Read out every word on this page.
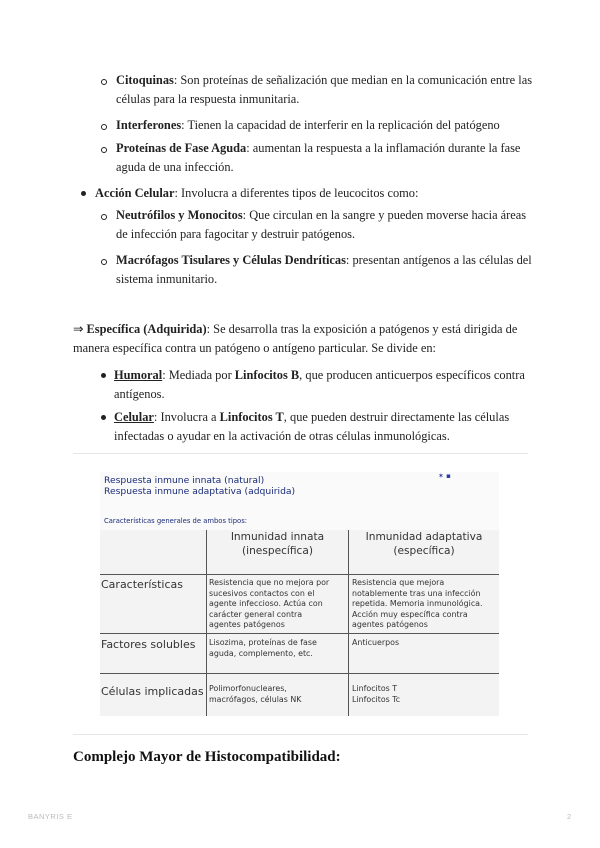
Citoquinas: Son proteínas de señalización que median en la comunicación entre las
células para la respuesta inmunitaria.
Interferones: Tienen la capacidad de interferir en la replicación del patógeno
Proteínas de Fase Aguda: aumentan la respuesta a la inflamación durante la fase
aguda de una infección.
Acción Celular: Involucra a diferentes tipos de leucocitos como:
Neutrófilos y Monocitos: Que circulan en la sangre y pueden moverse hacia áreas
de infección para fagocitar y destruir patógenos.
Macrófagos Tisulares y Células Dendríticas: presentan antígenos a las células del
sistema inmunitario.
⇒ Específica (Adquirida): Se desarrolla tras la exposición a patógenos y está dirigida de
manera específica contra un patógeno o antígeno particular. Se divide en:
Humoral: Mediada por Linfocitos B, que producen anticuerpos específicos contra
antígenos.
Celular: Involucra a Linfocitos T, que pueden destruir directamente las células
infectadas o ayudar en la activación de otras células inmunológicas.
Respuesta inmune innata (natural)
Respuesta inmune adaptativa (adquirida)
Características generales de ambos tipos:
✶ ▪
Inmunidad innata
(inespecífica)
Inmunidad adaptativa
(específica)
Características	Resistencia que no mejora por
sucesivos contactos con el
agente infeccioso. Actúa con
carácter general contra
agentes patógenos
Resistencia que mejora
notablemente tras una infección
repetida. Memoria inmunológica.
Acción muy específica contra
agentes patógenos
Factores solubles Lisozima, proteínas de fase
aguda, complemento, etc.
Anticuerpos
Células implicadas Polimorfonucleares,
macrófagos, células NK
Linfocitos T
Linfocitos Tc
Complejo Mayor de Histocompatibilidad:
BANYRIS E	2
